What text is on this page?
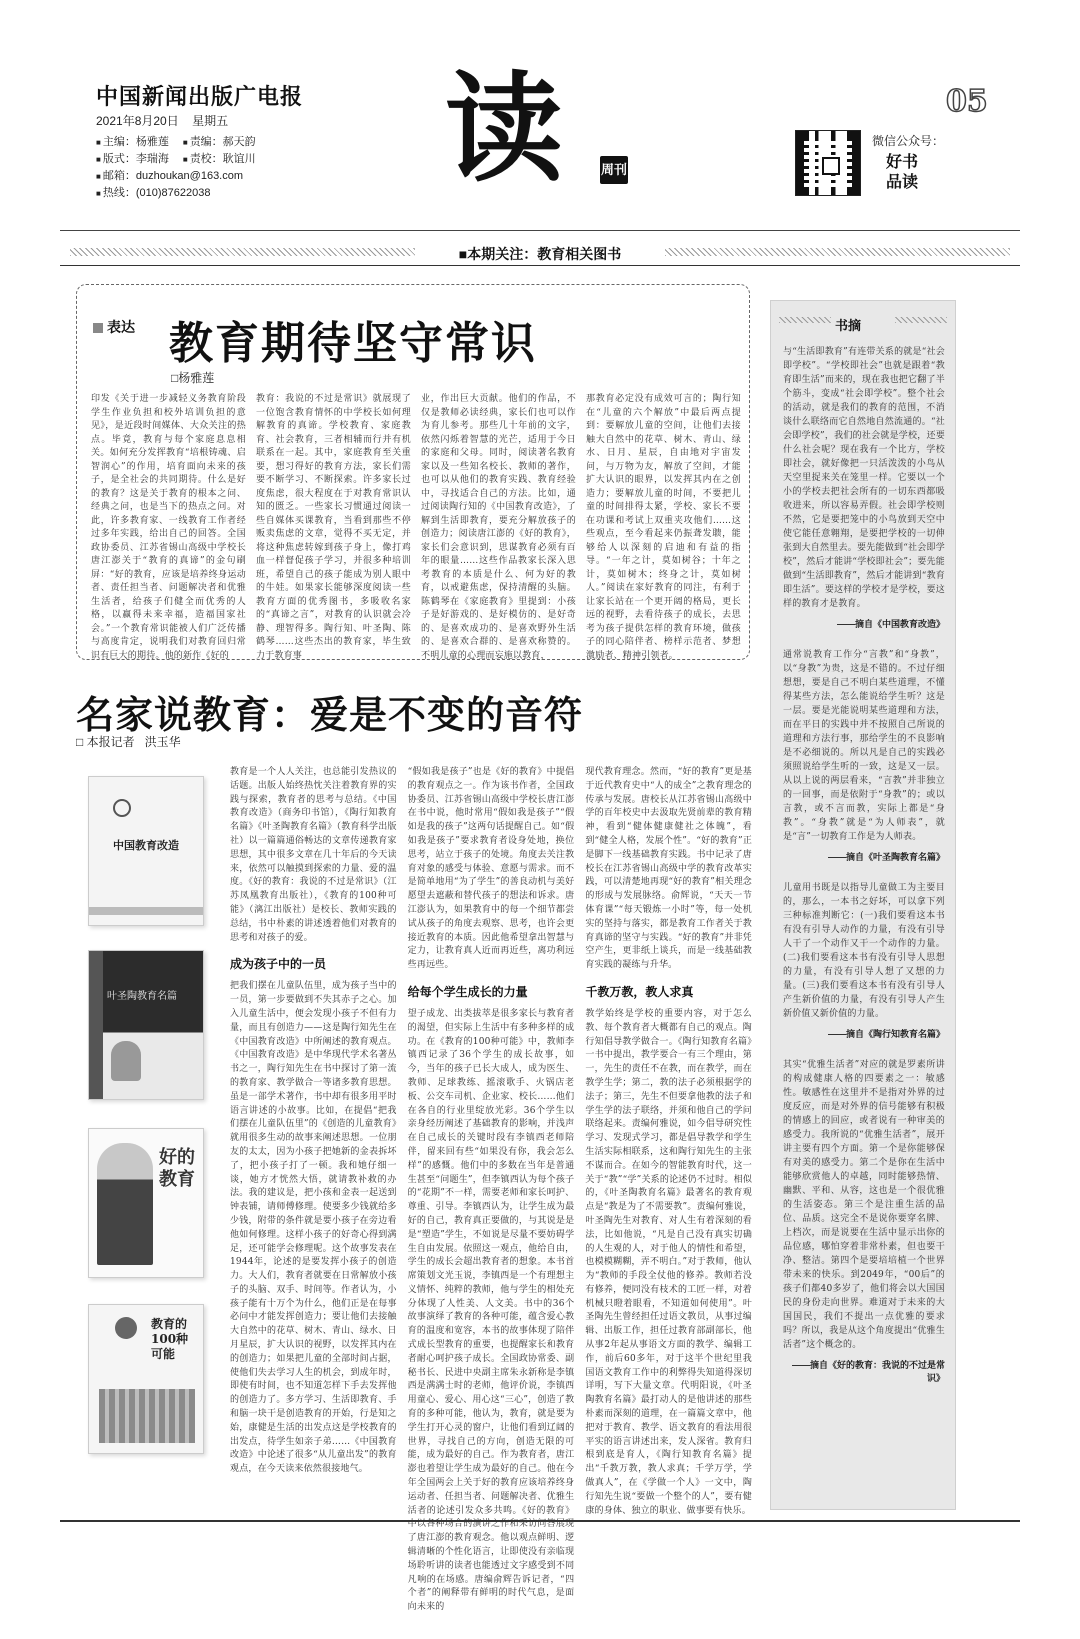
中国新闻出版广电报
2021年8月20日 星期五
■ 主编：杨雅莲	■ 责编：郝天韵
■ 版式：李瑞海	■ 责校：耿谊川
■ 邮箱：duzhoukan@163.com
■ 热线：(010)87622038 读	周刊
05
微信公众号：
好书品读
■本期关注：教育相关图书
表达 教育期待坚守常识
□ 杨雅莲

印发《关于进一步减轻义务教育阶段学生作业负担和校外培训负担的意见》，是近段时间媒体、大众关注的热点。毕竟，教育与每个家庭息息相关。如何充分发挥教育“培根铸魂、启智润心”的作用，培育面向未来的孩子，是全社会的共同期待。什么是好的教育？这是关于教育的根本之问、经典之问，也是当下的热点之问。对此，许多教育家、一线教育工作者经过多年实践，给出自己的回答。全国政协委员、江苏省锡山高级中学校长唐江澎关于“教育的真谛”的金句刷屏：“好的教育，应该是培养终身运动者、责任担当者、问题解决者和优雅生活者，给孩子们健全而优秀的人格，以赢得未来幸福，造福国家社会。”一个教育常识能被人们广泛传播与高度肯定，说明我们对教育回归常识有巨大的期待。他的新作《好的

教育：我说的不过是常识》就展现了一位饱含教育情怀的中学校长如何理解教育的真谛。学校教育、家庭教育、社会教育，三者相辅而行并有机联系在一起。其中，家庭教育至关重要，想习得好的教育方法，家长们需要不断学习、不断探索。许多家长过度焦虑，很大程度在于对教育常识认知的匮乏。一些家长习惯通过阅读一些自媒体买课教育，当看到那些不停贩卖焦虑的文章，觉得不买无定，并将这种焦虑转嫁到孩子身上，像打鸡血一样督促孩子学习，并很多种培训班，希望自己的孩子能成为别人眼中的牛娃。如果家长能够深度阅读一些教育方面的优秀图书，多吸收名家的“真谛之言”，对教育的认识就会冷静、理智得多。陶行知、叶圣陶、陈鹤琴……这些杰出的教育家，毕生致力于教育事

业，作出巨大贡献。他们的作品，不仅是教师必读经典，家长们也可以作为育儿参考。那些几十年前的文字，依然闪烁着智慧的光芒，适用于今日的家庭和父母。同时，阅读著名教育家以及一些知名校长、教师的著作，也可以从他们的教育实践、教育经验中，寻找适合自己的方法。比如，通过阅读陶行知的《中国教育改造》，了解到生活即教育，要充分解放孩子的创造力；阅读唐江澎的《好的教育》，家长们会意识到，思谋教育必须有百年的眼量……这些作品教家长深入思考教育的本质是什么、何为好的教育，以戒避焦虑，保持清醒的头脑。陈鹤琴在《家庭教育》里提到：小孩子是好游戏的、是好模仿的、是好奇的、是喜欢成功的、是喜欢野外生活的、是喜欢合群的、是喜欢称赞的。不明儿童的心理而妄施以教育，

那教育必定没有成效可言的；陶行知在“儿童的六个解放”中最后两点提到：要解放儿童的空间，让他们去接触大自然中的花草、树木、青山、绿水、日月、星辰，自由地对宇宙发问，与万物为友，解放了空间，才能扩大认识的眼界，以发挥其内在之创造力；要解放儿童的时间，不要把儿童的时间排得太紧，学校、家长不要在功课和考试上双重夹攻他们……这些观点，至今看起来仍振聋发聩，能够给人以深刻的启迪和有益的指导。“一年之计，莫如树谷；十年之计，莫如树木；终身之计，莫如树人。”阅读在家好教育的同注，有利于让家长站在一个更开阔的格局，更长远的视野，去看待孩子的成长，去思考为孩子提供怎样的教育环境，做孩子的同心陪伴者、榜样示范者、梦想激励者、精神引领者。

名家说教育：爱是不变的音符
□ 本报记者 洪玉华
中国教育改造
叶圣陶教育名篇
好的教育
教育的100种可能

教育是一个人人关注，也总能引发热议的话题。出版人始终热忱关注着教育界的实践与探索，教育者的思考与总结。《中国教育改造》（商务印书馆），《陶行知教育名篇》《叶圣陶教育名篇》（教育科学出版社）以一篇篇通俗畅达的文章传递教育家思想，其中很多文章在几十年后的今天读来，依然可以触摸到探索的力量、爱的温度。《好的教育：我说的不过是常识》（江苏凤凰教育出版社），《教育的100种可能》（漓江出版社）是校长、教师实践的总结，书中朴素的讲述透着他们对教育的思考和对孩子的爱。

成为孩子中的一员

把我们摆在儿童队伍里，成为孩子当中的一员，第一步要做到不失其赤子之心。加入儿童生活中，便会发现小孩子不但有力量，而且有创造力——这是陶行知先生在《中国教育改造》中所阐述的教育观点。《中国教育改造》是中华现代学术名著丛书之一，陶行知先生在书中探讨了第一流的教育家、教学做合一等诸多教育思想。虽是一部学术著作，书中却有很多用平时语言讲述的小故事。比如，在提倡“把我们摆在儿童队伍里”的《创造的儿童教育》就用很多生动的故事来阐述思想。一位朋友的太太，因为小孩子把她新的金表拆坏了，把小孩子打了一顿。我和她仔细一谈，她方才恍然大悟，就请教补救的办法。我的建议是，把小孩和金表一起送到钟表铺，请师傅修理。使要多少钱就给多少钱，附带的条件就是要小孩子在旁边看他如何修理。这样小孩子的好奇心得到满足，还可能学会修理呢。这个故事发表在1944年，论述的是要发挥小孩子的创造力。大人们，教育者就要在日常解放小孩子的头脑、双手、时间等。作者认为，小孩子能有十万个为什么，他们正是在每事必问中才能发挥创造力；要让他们去接触大自然中的花草、树木、青山、绿水、日月星辰，扩大认识的视野，以发挥其内在的创造力；如果把儿童的全部时间占据，使他们失去学习人生的机会，到成年时，即使有时间，也不知道怎样下手去发挥他的创造力了。多方学习、生活即教育、手和脑一块干是创造教育的开始，行是知之始，康健是生活的出发点这是学校教育的出发点，待学生如亲子弟……《中国教育改造》中论述了很多“从儿童出发”的教育观点，在今天读来依然很接地气。

“假如我是孩子”也是《好的教育》中提倡的教育观点之一。作为该书作者，全国政协委员、江苏省锡山高级中学校长唐江澎在书中说，他时常用“假如我是孩子”“假如是我的孩子”这两句话提醒自己。如“假如我是孩子”要求教育者设身处地，换位思考，站立于孩子的处境。角度去关注教育对象的感受与体验、意愿与需求。而不是简单地用“为了学生”的善良动机与美好愿望去遮蔽和替代孩子的想法和诉求。唐江澎认为，如果教育中的每一个细节都尝试从孩子的角度去观察、思考，也许会更接近教育的本质。因此他希望拿出智慧与定力，让教育真人近而再近些，离功利远些再远些。

给每个学生成长的力量

望子成龙、出类拔萃是很多家长与教育者的渴望，但实际上生活中有多种多样的成功。在《教育的100种可能》中，教师李镇西记录了36个学生的成长故事，如今，当年的孩子已长大成人，成为医生、教师、足球教练、摇滚歌手、火锅店老板、公交车司机、企业家、校长……他们在各自的行业里绽放光彩。36个学生以亲身经历阐述了基础教育的影响，并浅声在自己成长的关键时段有李镇西老师陪伴，留来回有些“如果没有你，我会怎么样”的感慨。他们中的多数在当年是普通生甚至“问题生”，但李镇西认为每个孩子的“花期”不一样，需要老师和家长呵护、尊重、引导。李镇西认为，让学生成为最好的自己，教育真正要做的，与其说是是是“塑造”学生，不如说是尽量不要妨碍学生自由发展。依照这一观点，他给自由，学生的成长会超出教育者的想象。本书首席策划文光玉说，李镇西是一个有理想主义情怀、纯粹的教师，他与学生的相处充分体现了人性美、人文美。书中的36个故事演绎了教育的各种可能，蕴含爱心教育的温度和宽容，本书的故事体现了陪伴式成长型教育的重要，也提醒家长和教育者耐心呵护孩子成长。全国政协常委、副秘书长、民进中央副主席朱永新称是李镇西是满满士时的老师，他评价说，李镇西用童心、爱心、用心这“三心”，创造了教育的多种可能，他认为，教育，就是要为学生打开心灵的窗户，让他们看到辽阔的世界，寻找自己的方向，创造无限的可能，成为最好的自己。作为教育者，唐江澎也着望让学生成为最好的自己。他在今年全国两会上关于好的教育应该培养终身运动者、任担当者、问题解决者、优雅生活者的论述引发众多共鸣。《好的教育》中以各种场合的演讲之作和采访问答展现了唐江澎的教育观念。他以观点鲜明、逻辑清晰的个性化语言，让即使没有亲临现场聆听讲的读者也能透过文字感受到不同凡响的在场感。唐编俞辉告诉记者，“四个者”的阐释带有鲜明的时代气息，是面向未来的

现代教育理念。然而，“好的教育”更是基于近代教育史中“人的成全”之教育理念的传承与发展。唐校长从江苏省锡山高级中学的百年校史中去汲取先贤前辈的教育精神，看到“健体健康健社之体魄”，看到“健全人格，发展个性”。“好的教育”正是脚下一线基础教育实践。书中记录了唐校长在江苏省锡山高级中学的教育改革实践，可以清楚地再现“好的教育”相关理念的形成与发展脉络。俞辉说，“天天一节体育课”“每天锻炼一小时”等，每一处机实的坚持与落实，都是教育工作者关于教育真谛的坚守与实践。“好的教育”并非凭空产生，更非纸上谈兵，而是一线基础教育实践的凝练与升华。

千教万教，教人求真

教学始终是学校的重要内容，对于怎么教、每个教育者大概都有自己的观点。陶行知倡导教学做合一。《陶行知教育名篇》一书中提出，教学要合一有三个理由，第一，先生的责任不在教，而在教学，而在教学生学；第二，教的法子必须根据学的法子；第三，先生不但要拿他教的法子和学生学的法子联络，并须和他自己的学问联络起来。责编何雅说，如今倡导研究性学习、发现式学习，都是倡导教学和学生生活实际相联系，这和陶行知先生的主张不谋而合。在如今的智能教育时代，这一关于“教”“学”关系的论述仍不过时。相似的，《叶圣陶教育名篇》最著名的教育观点是“教是为了不需要教”。责编何雅说，叶圣陶先生对教育、对人生有着深刻的看法，比如他说，“凡是自己没有真实切确的人生观的人，对于他人的情性和希望，也模模糊糊，弄不明白。”对于教师，他认为“教师的手段全仗他的修养。教师若没有修养，便同没有枝术的工匠一样，对着机械只瞪着眼看，不知道如何使用”。叶圣陶先生曾经担任过语文教员，从事过编辑、出版工作，担任过教育部副部长，他从事2年起从事语文方面的教学、编辑工作，前后60多年，对于这半个世纪里我国语文教育工作中的利弊得失知道得深切详明，写下大量文章。代明阳说，《叶圣陶教育名篇》最打动人的是他讲述的那些朴素而深刻的道理，在一篇篇文章中，他把对于教育、教学、语文教育的看法用很平实的语言讲述出来，发人深省。教育归根到底是育人，《陶行知教育名篇》提出“千教万教，教人求真；千学万学，学做真人”，在《学做一个人》一文中，陶行知先生说“要做一个整个的人”，要有健康的身体、独立的职业、做事要有快乐。

书摘

与“生活即教育”有连带关系的就是“社会即学校”。“学校即社会”也就是跟着“教育即生活”而来的，现在我也把它翻了半个筋斗，变成“社会即学校”。整个社会的活动，就是我们的教育的范围，不消谈什么联络而它自然地自然流通的。“社会即学校”，我们的社会就是学校，还要什么社会呢？现在我有一个比方，学校即社会，就好像把一只活泼泼的小鸟从天空里捉来关在笼里一样。它要以一个小的学校去把社会所有的一切东西都吸收进来，所以容易弄假。社会即学校则不然，它是要把笼中的小鸟放到天空中使它能任意翱翔，是要把学校的一切伸张到大自然里去。要先能做到“社会即学校”，然后才能讲“学校即社会”；要先能做到“生活即教育”，然后才能讲到“教育即生活”。要这样的学校才是学校，要这样的教育才是教育。

——摘自《中国教育改造》

通常说教育工作分“言教”和“身教”，以“身教”为贵，这是不错的。不过仔细想想，要是自己不明白某些道理，不懂得某些方法，怎么能说给学生听？这是一层。要是光能说明某些道理和方法，而在平日的实践中并不按照自己所说的道理和方法行事，那给学生的不良影响是不必细说的。所以凡是自己的实践必须照说给学生听的一致，这是又一层。从以上说的两层看来，“言教”并非独立的一回事，而是依附于“身教”的；或以言教，或不言而教，实际上都是“身教”。“身教”就是“为人师表”，就是“言”一切教育工作是为人师表。

——摘自《叶圣陶教育名篇》

儿童用书既是以指导儿童做工为主要目的，那么，一本书之好坏，可以拿下列三种标准判断它：(一)我们要看这本书有没有引导人动作的力量，有没有引导人干了一个动作又干一个动作的力量。(二)我们要看这本书有没有引导人思想的力量，有没有引导人想了又想的力量。(三)我们要看这本书有没有引导人产生新价值的力量，有没有引导人产生新价值又新价值的力量。

——摘自《陶行知教育名篇》

其实“优雅生活者”对应的就是罗素所讲的构成健康人格的四要素之一：敏感性。敏感性在这里并不是指对外界的过度反应，而是对外界的信号能够有积极的情感上的回应，或者说有一种审美的感受力。我所说的“优雅生活者”，展开讲主要有四个方面。第一个是你能够保有对美的感受力。第二个是你在生活中能够欣赏他人的卓越，同时能够热情、幽默、平和、从容，这也是一个很优雅的生活姿态。第三个是注重生活的品位、品质。这完全不是说你要穿名牌、上档次，而是说要在生活中显示出你的品位感，哪怕穿着非常朴素，但也要干净、整洁。第四个是要培培植一个世界带未来的快乐。到2049年，“00后”的孩子们都40多岁了，他们将会以大国国民的身份走向世界。难道对于未来的大国国民，我们不提出一点优雅的要求吗？所以，我是从这个角度提出“优雅生活者”这个概念的。

——摘自《好的教育：我说的不过是常识》
